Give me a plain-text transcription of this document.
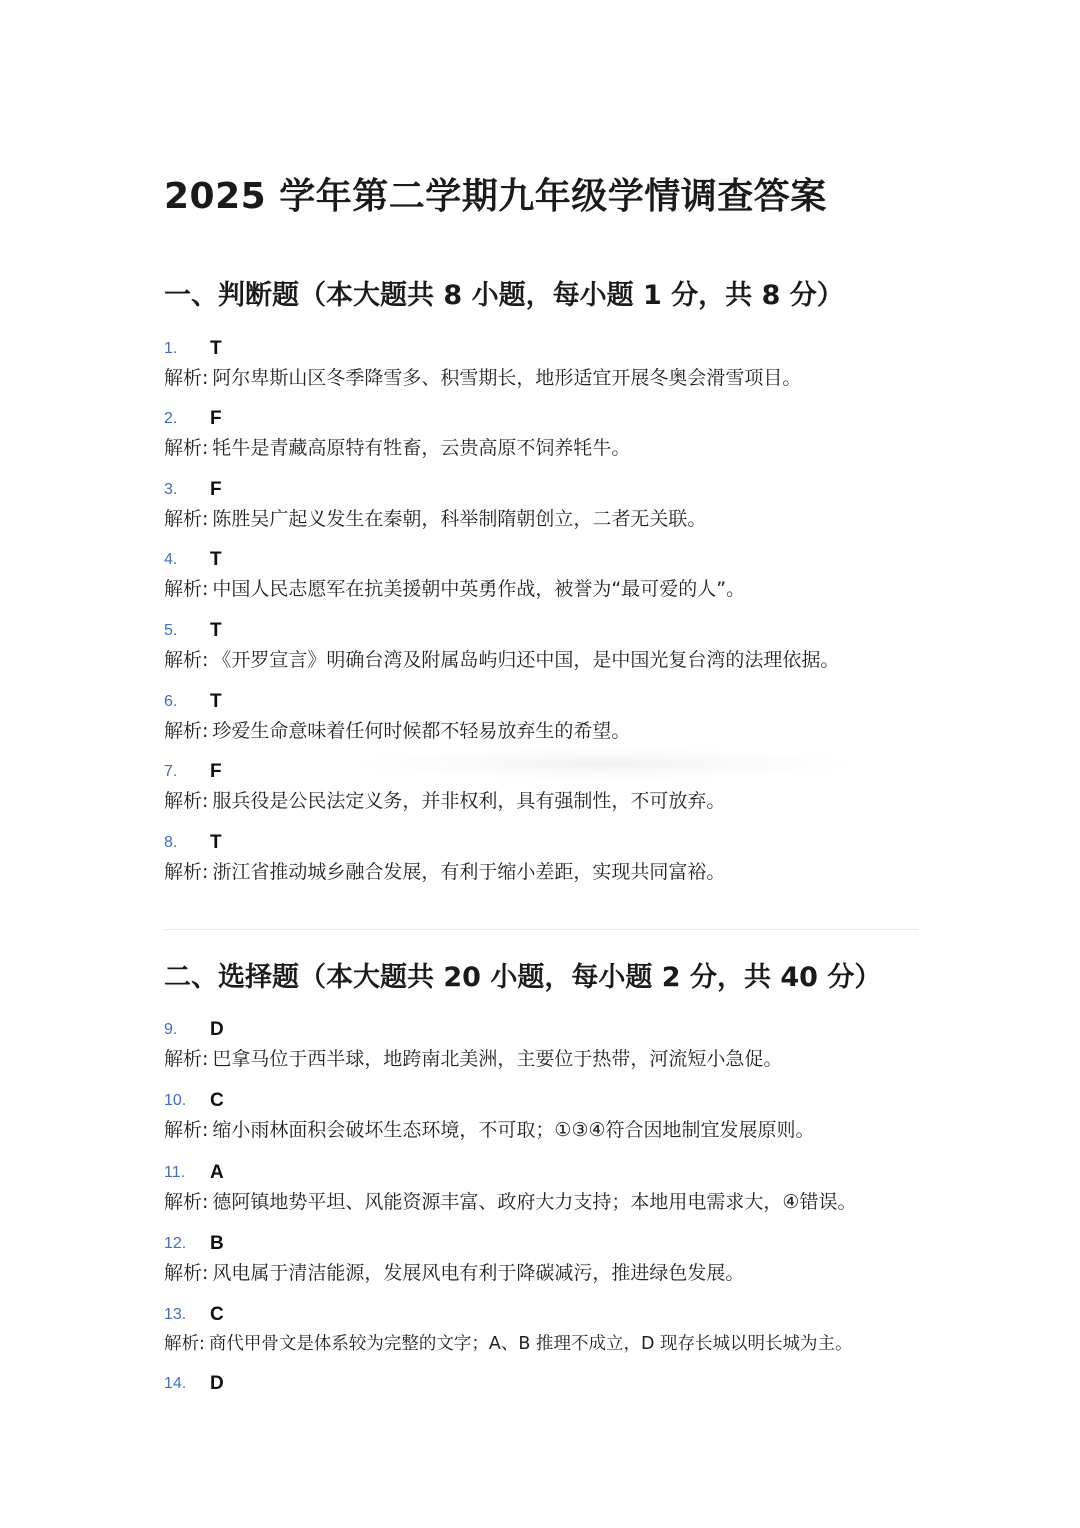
2025 学年第二学期九年级学情调查答案
一、判断题（本大题共 8 小题，每小题 1 分，共 8 分）
1. T
解析: 阿尔卑斯山区冬季降雪多、积雪期长，地形适宜开展冬奥会滑雪项目。
2. F
解析: 牦牛是青藏高原特有牲畜，云贵高原不饲养牦牛。
3. F
解析: 陈胜吴广起义发生在秦朝，科举制隋朝创立，二者无关联。
4. T
解析: 中国人民志愿军在抗美援朝中英勇作战，被誉为“最可爱的人”。
5. T
解析: 《开罗宣言》明确台湾及附属岛屿归还中国，是中国光复台湾的法理依据。
6. T
解析: 珍爱生命意味着任何时候都不轻易放弃生的希望。
7. F
解析: 服兵役是公民法定义务，并非权利，具有强制性，不可放弃。
8. T
解析: 浙江省推动城乡融合发展，有利于缩小差距，实现共同富裕。
二、选择题（本大题共 20 小题，每小题 2 分，共 40 分）
9. D
解析: 巴拿马位于西半球，地跨南北美洲，主要位于热带，河流短小急促。
10. C
解析: 缩小雨林面积会破坏生态环境，不可取；①③④符合因地制宜发展原则。
11. A
解析: 德阿镇地势平坦、风能资源丰富、政府大力支持；本地用电需求大，④错误。
12. B
解析: 风电属于清洁能源，发展风电有利于降碳减污，推进绿色发展。
13. C
解析: 商代甲骨文是体系较为完整的文字；A、B 推理不成立，D 现存长城以明长城为主。
14. D
